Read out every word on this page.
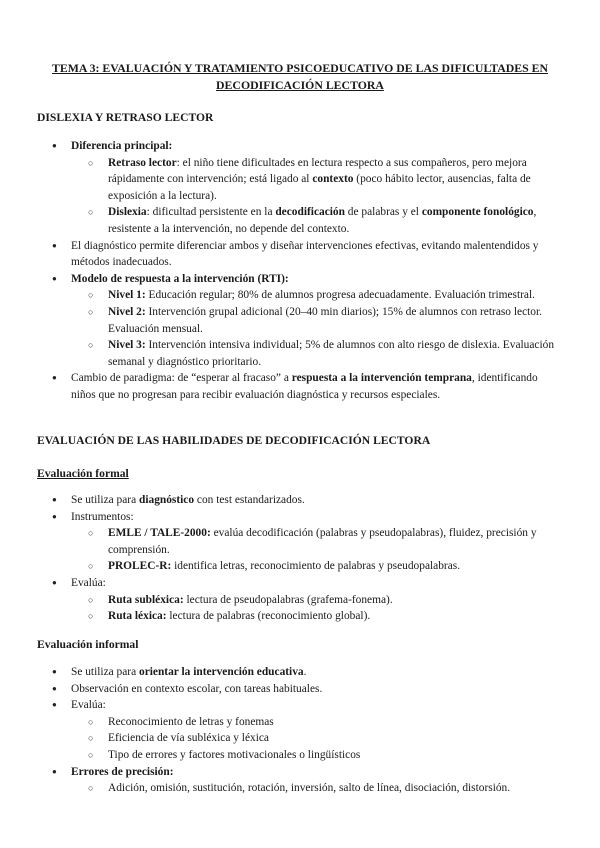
TEMA 3: EVALUACIÓN Y TRATAMIENTO PSICOEDUCATIVO DE LAS DIFICULTADES EN
DECODIFICACIÓN LECTORA
DISLEXIA Y RETRASO LECTOR
● Diferencia principal:
○ Retraso lector: el niño tiene dificultades en lectura respecto a sus compañeros, pero mejora rápidamente con intervención; está ligado al contexto (poco hábito lector, ausencias, falta de exposición a la lectura).
○ Dislexia: dificultad persistente en la decodificación de palabras y el componente fonológico, resistente a la intervención, no depende del contexto.
● El diagnóstico permite diferenciar ambos y diseñar intervenciones efectivas, evitando malentendidos y métodos inadecuados.
● Modelo de respuesta a la intervención (RTI):
○ Nivel 1: Educación regular; 80% de alumnos progresa adecuadamente. Evaluación trimestral.
○ Nivel 2: Intervención grupal adicional (20–40 min diarios); 15% de alumnos con retraso lector. Evaluación mensual.
○ Nivel 3: Intervención intensiva individual; 5% de alumnos con alto riesgo de dislexia. Evaluación semanal y diagnóstico prioritario.
● Cambio de paradigma: de “esperar al fracaso” a respuesta a la intervención temprana, identificando niños que no progresan para recibir evaluación diagnóstica y recursos especiales.
EVALUACIÓN DE LAS HABILIDADES DE DECODIFICACIÓN LECTORA
Evaluación formal
● Se utiliza para diagnóstico con test estandarizados.
● Instrumentos:
○ EMLE / TALE-2000: evalúa decodificación (palabras y pseudopalabras), fluidez, precisión y comprensión.
○ PROLEC-R: identifica letras, reconocimiento de palabras y pseudopalabras.
● Evalúa:
○ Ruta subléxica: lectura de pseudopalabras (grafema-fonema).
○ Ruta léxica: lectura de palabras (reconocimiento global).
Evaluación informal
● Se utiliza para orientar la intervención educativa.
● Observación en contexto escolar, con tareas habituales.
● Evalúa:
○ Reconocimiento de letras y fonemas
○ Eficiencia de vía subléxica y léxica
○ Tipo de errores y factores motivacionales o lingüísticos
● Errores de precisión:
○ Adición, omisión, sustitución, rotación, inversión, salto de línea, disociación, distorsión.
